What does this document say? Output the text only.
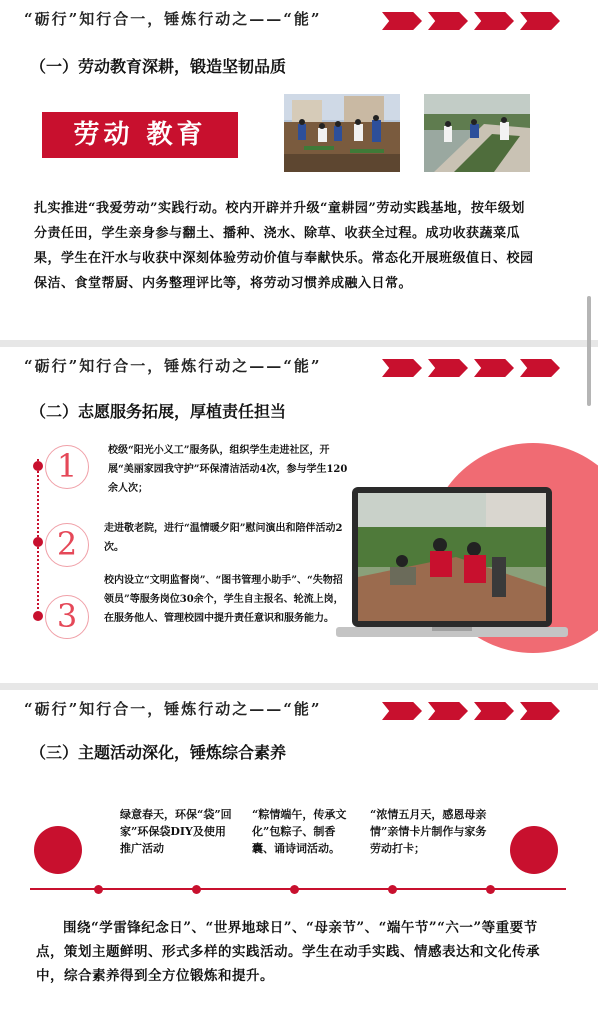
“砺行”知行合一，锤炼行动之——“能”
（一）劳动教育深耕，锻造坚韧品质
劳动 教育
扎实推进“我爱劳动”实践行动。校内开辟并升级“童耕园”劳动实践基地，按年级划分责任田，学生亲身参与翻土、播种、浇水、除草、收获全过程。成功收获蔬菜瓜果，学生在汗水与收获中深刻体验劳动价值与奉献快乐。常态化开展班级值日、校园保洁、食堂帮厨、内务整理评比等，将劳动习惯养成融入日常。
“砺行”知行合一，锤炼行动之——“能”
（二）志愿服务拓展，厚植责任担当
1	校级“阳光小义工”服务队，组织学生走进社区，开展“美丽家园我守护”环保清洁活动4次，参与学生120余人次；
2	走进敬老院，进行“温情暖夕阳”慰问演出和陪伴活动2次。
3
校内设立“文明监督岗”、“图书管理小助手”、“失物招领员”等服务岗位30余个，学生自主报名、轮流上岗，在服务他人、管理校园中提升责任意识和服务能力。
“砺行”知行合一，锤炼行动之——“能”
（三）主题活动深化，锤炼综合素养
绿意春天，环保“袋”回家”环保袋DIY及使用推广活动
“粽情端午，传承文化”包粽子、制香囊、诵诗词活动。
“浓情五月天，感恩母亲情”亲情卡片制作与家务劳动打卡；
围绕“学雷锋纪念日”、“世界地球日”、“母亲节”、“端午节”“六一”等重要节点，策划主题鲜明、形式多样的实践活动。学生在动手实践、情感表达和文化传承中，综合素养得到全方位锻炼和提升。
